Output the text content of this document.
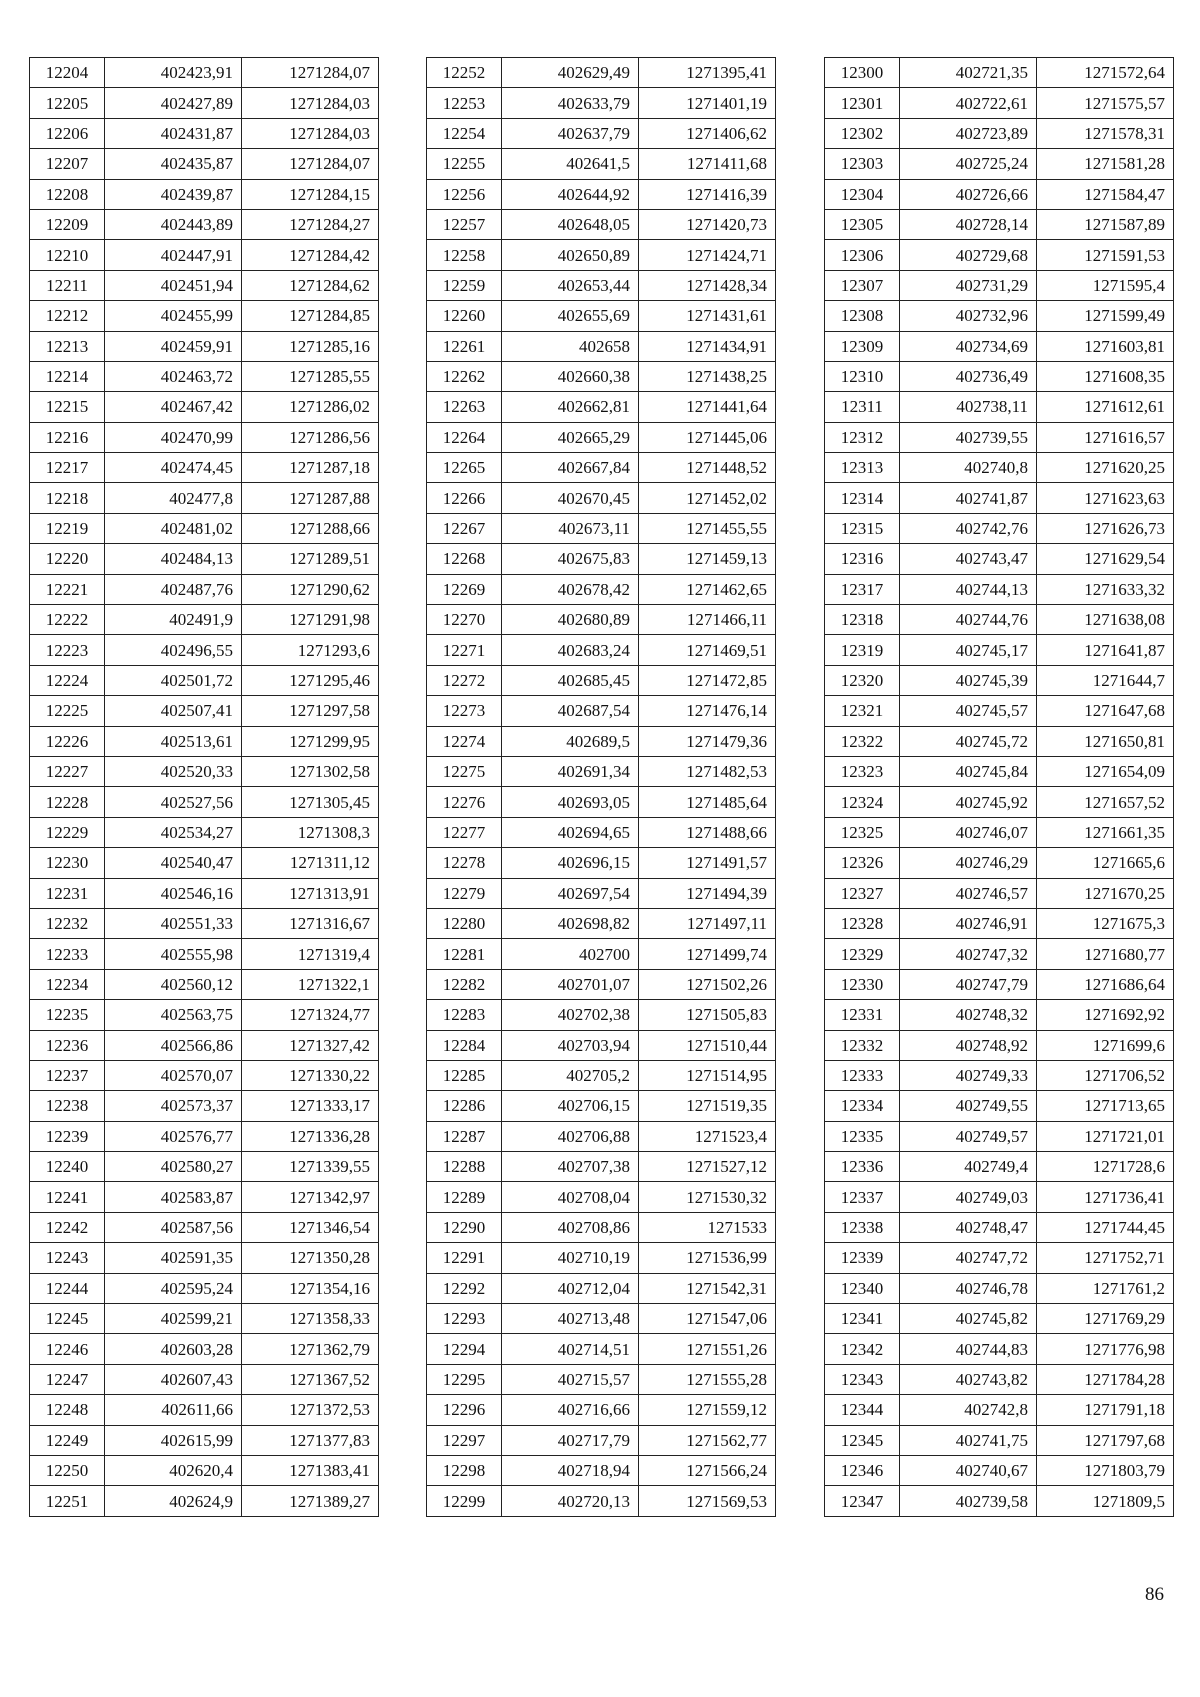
12204	402423,91	1271284,07
12205	402427,89	1271284,03
12206	402431,87	1271284,03
12207	402435,87	1271284,07
12208	402439,87	1271284,15
12209	402443,89	1271284,27
12210	402447,91	1271284,42
12211	402451,94	1271284,62
12212	402455,99	1271284,85
12213	402459,91	1271285,16
12214	402463,72	1271285,55
12215	402467,42	1271286,02
12216	402470,99	1271286,56
12217	402474,45	1271287,18
12218	402477,8	1271287,88
12219	402481,02	1271288,66
12220	402484,13	1271289,51
12221	402487,76	1271290,62
12222	402491,9	1271291,98
12223	402496,55	1271293,6
12224	402501,72	1271295,46
12225	402507,41	1271297,58
12226	402513,61	1271299,95
12227	402520,33	1271302,58
12228	402527,56	1271305,45
12229	402534,27	1271308,3
12230	402540,47	1271311,12
12231	402546,16	1271313,91
12232	402551,33	1271316,67
12233	402555,98	1271319,4
12234	402560,12	1271322,1
12235	402563,75	1271324,77
12236	402566,86	1271327,42
12237	402570,07	1271330,22
12238	402573,37	1271333,17
12239	402576,77	1271336,28
12240	402580,27	1271339,55
12241	402583,87	1271342,97
12242	402587,56	1271346,54
12243	402591,35	1271350,28
12244	402595,24	1271354,16
12245	402599,21	1271358,33
12246	402603,28	1271362,79
12247	402607,43	1271367,52
12248	402611,66	1271372,53
12249	402615,99	1271377,83
12250	402620,4	1271383,41
12251	402624,9	1271389,27
12252	402629,49	1271395,41
12253	402633,79	1271401,19
12254	402637,79	1271406,62
12255	402641,5	1271411,68
12256	402644,92	1271416,39
12257	402648,05	1271420,73
12258	402650,89	1271424,71
12259	402653,44	1271428,34
12260	402655,69	1271431,61
12261	402658	1271434,91
12262	402660,38	1271438,25
12263	402662,81	1271441,64
12264	402665,29	1271445,06
12265	402667,84	1271448,52
12266	402670,45	1271452,02
12267	402673,11	1271455,55
12268	402675,83	1271459,13
12269	402678,42	1271462,65
12270	402680,89	1271466,11
12271	402683,24	1271469,51
12272	402685,45	1271472,85
12273	402687,54	1271476,14
12274	402689,5	1271479,36
12275	402691,34	1271482,53
12276	402693,05	1271485,64
12277	402694,65	1271488,66
12278	402696,15	1271491,57
12279	402697,54	1271494,39
12280	402698,82	1271497,11
12281	402700	1271499,74
12282	402701,07	1271502,26
12283	402702,38	1271505,83
12284	402703,94	1271510,44
12285	402705,2	1271514,95
12286	402706,15	1271519,35
12287	402706,88	1271523,4
12288	402707,38	1271527,12
12289	402708,04	1271530,32
12290	402708,86	1271533
12291	402710,19	1271536,99
12292	402712,04	1271542,31
12293	402713,48	1271547,06
12294	402714,51	1271551,26
12295	402715,57	1271555,28
12296	402716,66	1271559,12
12297	402717,79	1271562,77
12298	402718,94	1271566,24
12299	402720,13	1271569,53
12300	402721,35	1271572,64
12301	402722,61	1271575,57
12302	402723,89	1271578,31
12303	402725,24	1271581,28
12304	402726,66	1271584,47
12305	402728,14	1271587,89
12306	402729,68	1271591,53
12307	402731,29	1271595,4
12308	402732,96	1271599,49
12309	402734,69	1271603,81
12310	402736,49	1271608,35
12311	402738,11	1271612,61
12312	402739,55	1271616,57
12313	402740,8	1271620,25
12314	402741,87	1271623,63
12315	402742,76	1271626,73
12316	402743,47	1271629,54
12317	402744,13	1271633,32
12318	402744,76	1271638,08
12319	402745,17	1271641,87
12320	402745,39	1271644,7
12321	402745,57	1271647,68
12322	402745,72	1271650,81
12323	402745,84	1271654,09
12324	402745,92	1271657,52
12325	402746,07	1271661,35
12326	402746,29	1271665,6
12327	402746,57	1271670,25
12328	402746,91	1271675,3
12329	402747,32	1271680,77
12330	402747,79	1271686,64
12331	402748,32	1271692,92
12332	402748,92	1271699,6
12333	402749,33	1271706,52
12334	402749,55	1271713,65
12335	402749,57	1271721,01
12336	402749,4	1271728,6
12337	402749,03	1271736,41
12338	402748,47	1271744,45
12339	402747,72	1271752,71
12340	402746,78	1271761,2
12341	402745,82	1271769,29
12342	402744,83	1271776,98
12343	402743,82	1271784,28
12344	402742,8	1271791,18
12345	402741,75	1271797,68
12346	402740,67	1271803,79
12347	402739,58	1271809,5
86
